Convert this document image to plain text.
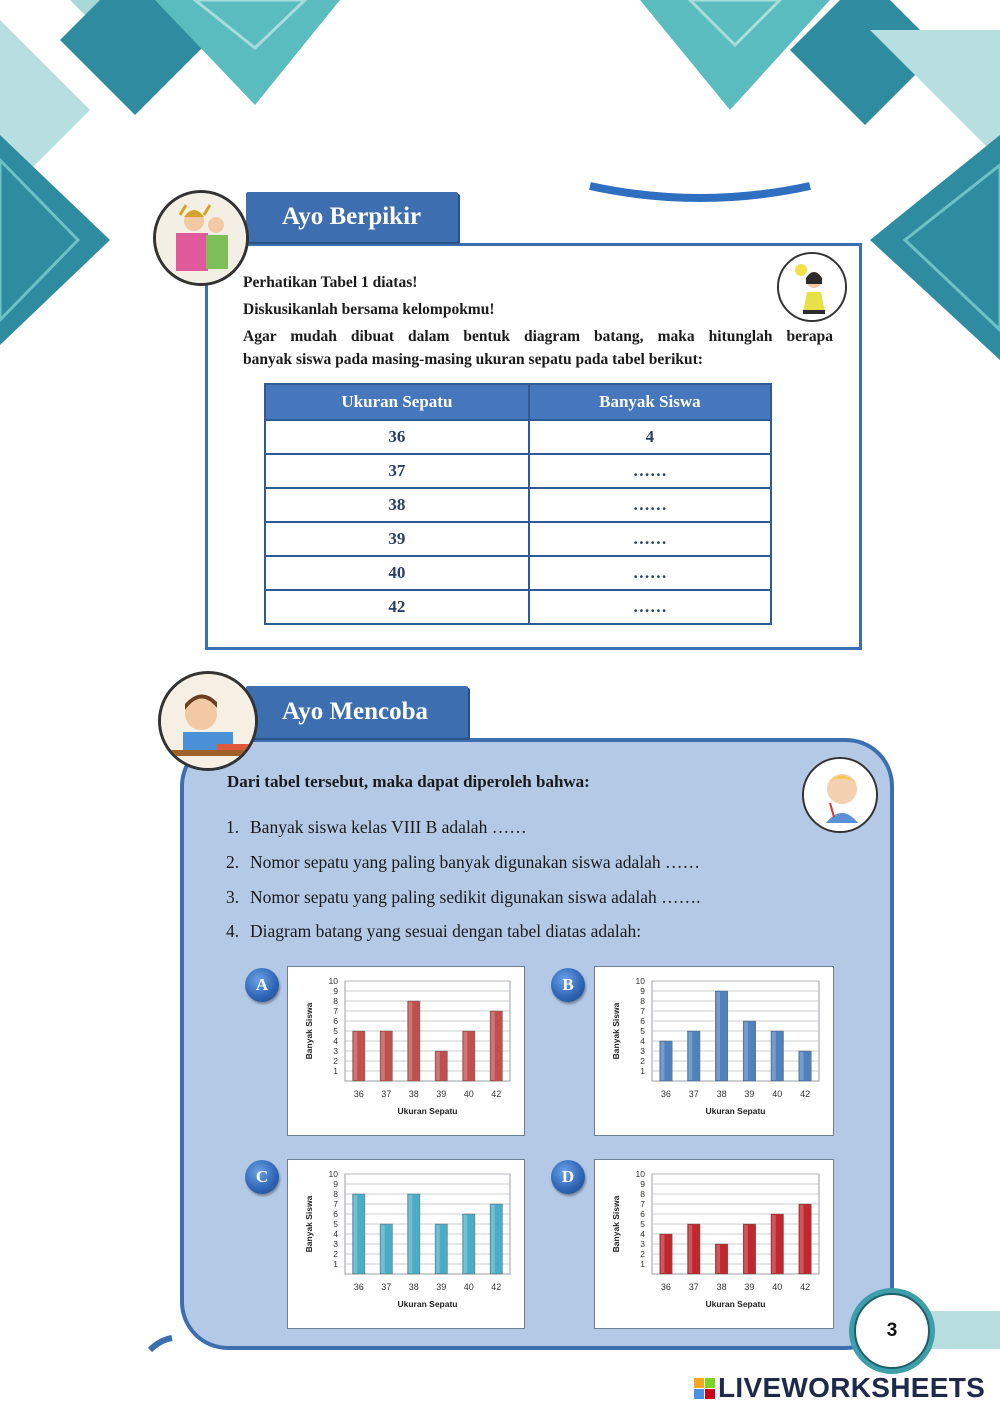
Ayo Berpikir
Perhatikan Tabel 1 diatas!
Diskusikanlah bersama kelompokmu!
Agar mudah dibuat dalam bentuk diagram batang, maka hitunglah berapa
banyak siswa pada masing-masing ukuran sepatu pada tabel berikut:
Ukuran Sepatu	Banyak Siswa
36	4
37	……
38	……
39	……
40	……
42	……
Ayo Mencoba
Dari tabel tersebut, maka dapat diperoleh bahwa:
1. Banyak siswa kelas VIII B adalah ……
2. Nomor sepatu yang paling banyak digunakan siswa adalah ……
3. Nomor sepatu yang paling sedikit digunakan siswa adalah …….
4. Diagram batang yang sesuai dengan tabel diatas adalah:
A	B
C	D
1
2
3
4
5
6
7
8
9
10
36 37 38 39 40 42
Ukuran Sepatu
Banyak Siswa
1
2
3
4
5
6
7
8
9
10
36 37 38 39 40 42
Ukuran Sepatu
Banyak Siswa
1
2
3
4
5
6
7
8
9
10
36 37 38 39 40 42
Ukuran Sepatu
Banyak Siswa
1
2
3
4
5
6
7
8
9
10
36 37 38 39 40 42
Ukuran Sepatu
Banyak Siswa
3
LIVEWORKSHEETS
